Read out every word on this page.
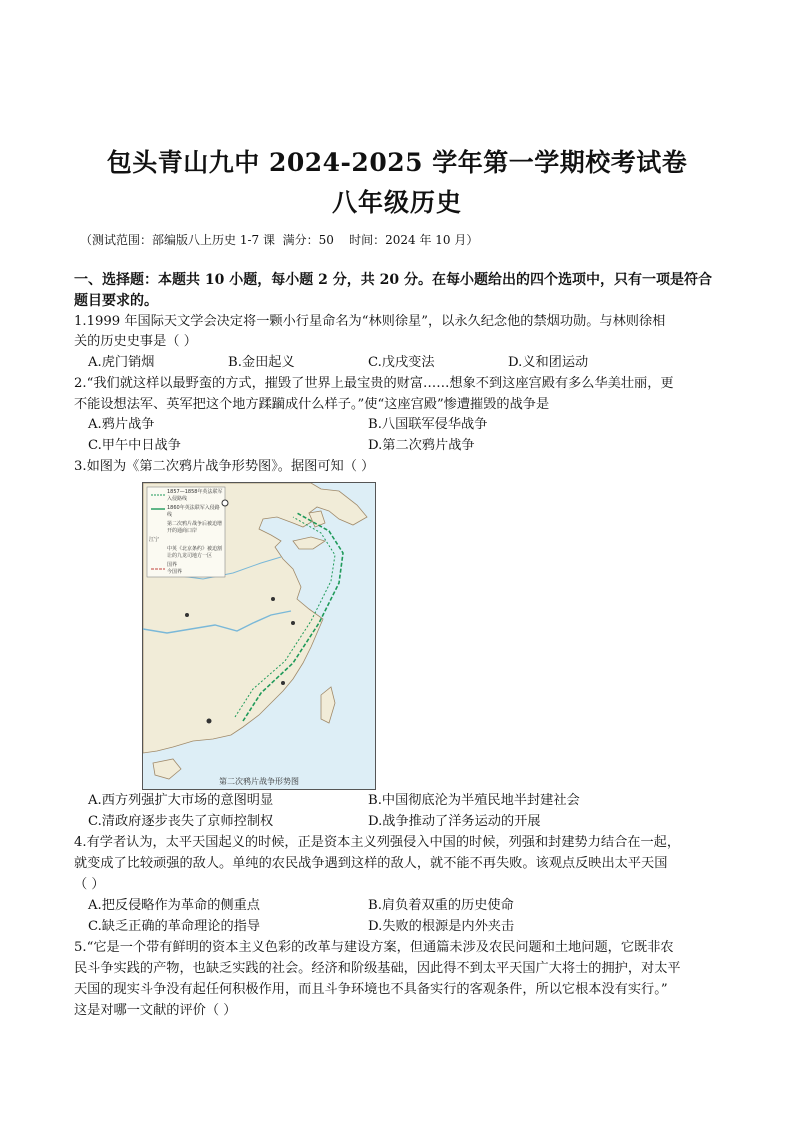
包头青山九中 2024-2025 学年第一学期校考试卷
八年级历史
（测试范围：部编版八上历史 1-7 课  满分：50    时间：2024 年 10 月）
一、选择题：本题共 10 小题，每小题 2 分，共 20 分。在每小题给出的四个选项中，只有一项是符合
题目要求的。
1.1999 年国际天文学会决定将一颗小行星命名为“林则徐星”，以永久纪念他的禁烟功勋。与林则徐相
关的历史史事是（ ）
A.虎门销烟	B.金田起义	C.戊戌变法	D.义和团运动
2.“我们就这样以最野蛮的方式，摧毁了世界上最宝贵的财富……想象不到这座宫殿有多么华美壮丽，更
不能设想法军、英军把这个地方蹂躏成什么样子。”使“这座宫殿”惨遭摧毁的战争是
A.鸦片战争	B.八国联军侵华战争
C.甲午中日战争	D.第二次鸦片战争
3.如图为《第二次鸦片战争形势图》。据图可知（ ）
1857—1858年英法联军入侵路线
1860年英法联军入侵路线
第二次鸦片战争后被迫增开的通商口岸
江宁
中英《北京条约》被迫割让的九龙司地方一区
国界
今国界
第二次鸦片战争形势图
A.西方列强扩大市场的意图明显	B.中国彻底沦为半殖民地半封建社会
C.清政府逐步丧失了京师控制权	D.战争推动了洋务运动的开展
4.有学者认为，太平天国起义的时候，正是资本主义列强侵入中国的时候，列强和封建势力结合在一起，
就变成了比较顽强的敌人。单纯的农民战争遇到这样的敌人，就不能不再失败。该观点反映出太平天国
（ ）
A.把反侵略作为革命的侧重点	B.肩负着双重的历史使命
C.缺乏正确的革命理论的指导	D.失败的根源是内外夹击
5.“它是一个带有鲜明的资本主义色彩的改革与建设方案，但通篇未涉及农民问题和土地问题，它既非农
民斗争实践的产物，也缺乏实践的社会。经济和阶级基础，因此得不到太平天国广大将士的拥护，对太平
天国的现实斗争没有起任何积极作用，而且斗争环境也不具备实行的客观条件，所以它根本没有实行。”
这是对哪一文献的评价（ ）
